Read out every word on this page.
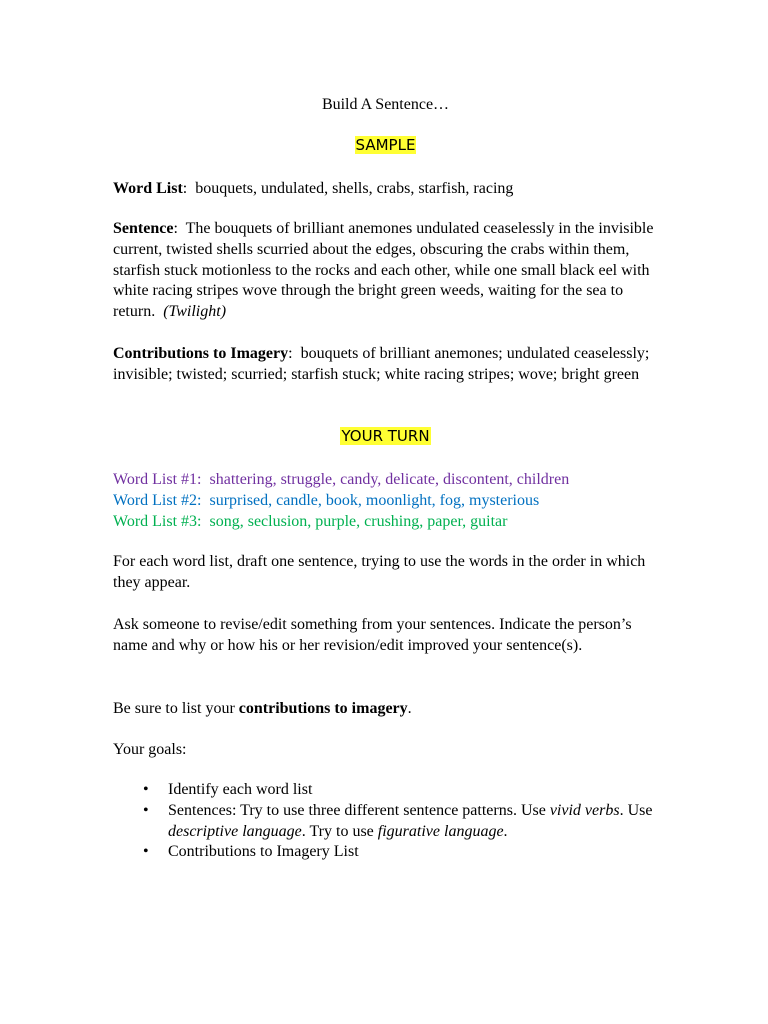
Build A Sentence…
SAMPLE
Word List:  bouquets, undulated, shells, crabs, starfish, racing
Sentence:  The bouquets of brilliant anemones undulated ceaselessly in the invisible current, twisted shells scurried about the edges, obscuring the crabs within them, starfish stuck motionless to the rocks and each other, while one small black eel with white racing stripes wove through the bright green weeds, waiting for the sea to return. (Twilight)
Contributions to Imagery:  bouquets of brilliant anemones; undulated ceaselessly; invisible; twisted; scurried; starfish stuck; white racing stripes; wove; bright green
YOUR TURN
Word List #1: shattering, struggle, candy, delicate, discontent, children
Word List #2: surprised, candle, book, moonlight, fog, mysterious
Word List #3: song, seclusion, purple, crushing, paper, guitar
For each word list, draft one sentence, trying to use the words in the order in which they appear.
Ask someone to revise/edit something from your sentences. Indicate the person’s name and why or how his or her revision/edit improved your sentence(s).
Be sure to list your contributions to imagery.
Your goals:
• Identify each word list
• Sentences: Try to use three different sentence patterns. Use vivid verbs. Use descriptive language. Try to use figurative language.
• Contributions to Imagery List
